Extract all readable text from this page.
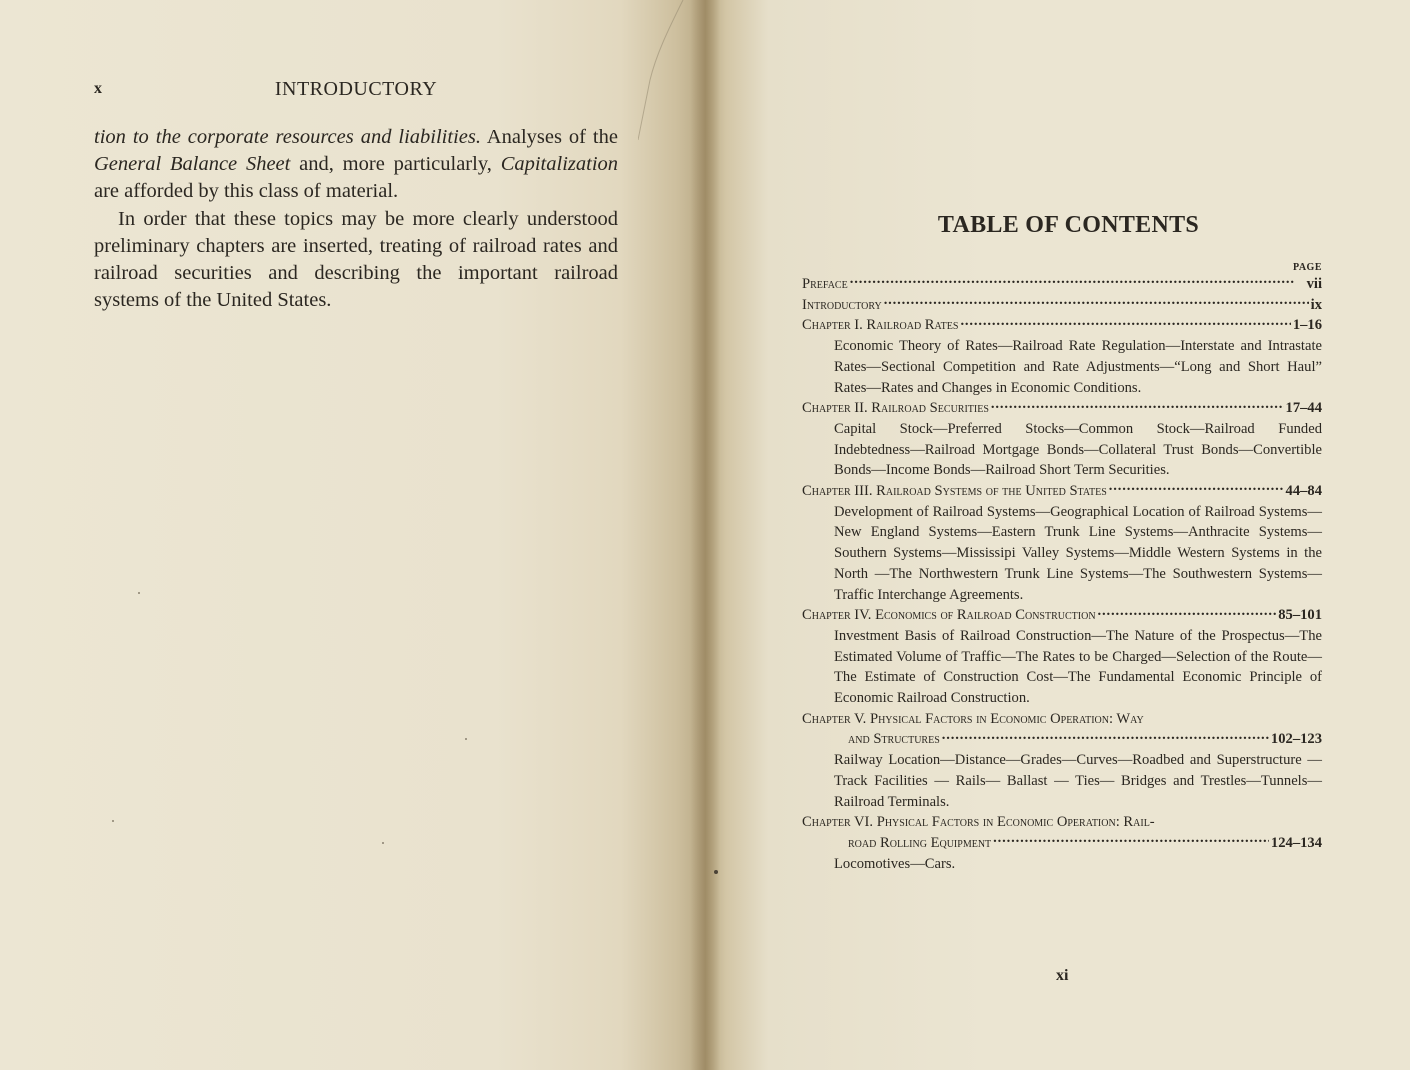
x	INTRODUCTORY

tion to the corporate resources and liabilities. Analyses of the General Balance Sheet and, more particularly, Capitalization are afforded by this class of material.

In order that these topics may be more clearly understood preliminary chapters are inserted, treating of railroad rates and railroad securities and describing the important railroad systems of the United States.

TABLE OF CONTENTS
PAGE
Preface . . .	vii
Introductory . . .	ix
Chapter I. Railroad Rates . . .	1–16
Economic Theory of Rates—Railroad Rate Regulation—Interstate and Intrastate Rates—Sectional Competition and Rate Adjustments—“Long and Short Haul” Rates—Rates and Changes in Economic Conditions.
Chapter II. Railroad Securities . . .	17–44
Capital Stock—Preferred Stocks—Common Stock—Railroad Funded Indebtedness—Railroad Mortgage Bonds—Collateral Trust Bonds—Convertible Bonds—Income Bonds—Railroad Short Term Securities.
Chapter III. Railroad Systems of the United States . . .	44–84
Development of Railroad Systems—Geographical Location of Railroad Systems—New England Systems—Eastern Trunk Line Systems—Anthracite Systems—Southern Systems—Mississipi Valley Systems—Middle Western Systems in the North —The Northwestern Trunk Line Systems—The Southwestern Systems—Traffic Interchange Agreements.
Chapter IV. Economics of Railroad Construction . . .	85–101
Investment Basis of Railroad Construction—The Nature of the Prospectus—The Estimated Volume of Traffic—The Rates to be Charged—Selection of the Route—The Estimate of Construction Cost—The Fundamental Economic Principle of Economic Railroad Construction.
Chapter V. Physical Factors in Economic Operation: Way
and Structures . . .	102–123
Railway Location—Distance—Grades—Curves—Roadbed and Superstructure — Track Facilities — Rails— Ballast — Ties— Bridges and Trestles—Tunnels—Railroad Terminals.
Chapter VI. Physical Factors in Economic Operation: Rail-
road Rolling Equipment . . .	124–134
Locomotives—Cars.
xi
